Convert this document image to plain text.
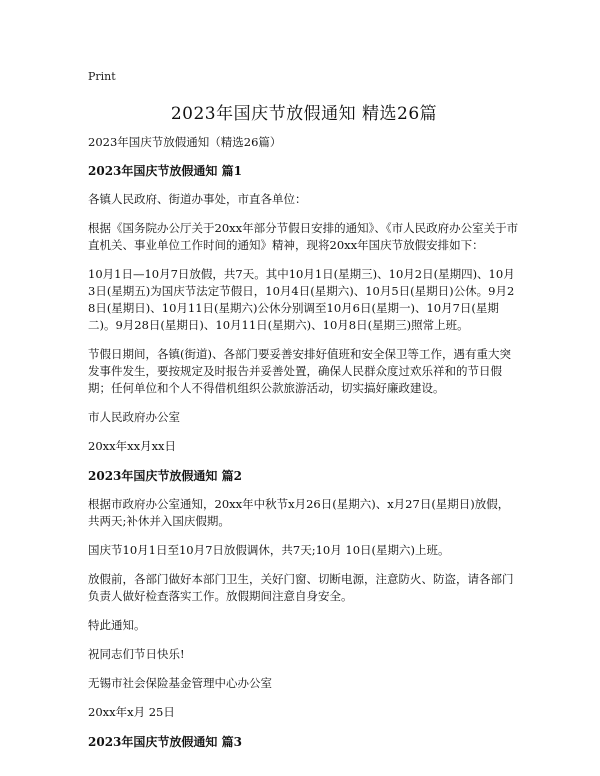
Print
2023年国庆节放假通知 精选26篇
2023年国庆节放假通知（精选26篇）
2023年国庆节放假通知 篇1
各镇人民政府、街道办事处，市直各单位：
根据《国务院办公厅关于20xx年部分节假日安排的通知》、《市人民政府办公室关于市直机关、事业单位工作时间的通知》精神，现将20xx年国庆节放假安排如下：
10月1日—10月7日放假，共7天。其中10月1日(星期三)、10月2日(星期四)、10月3日(星期五)为国庆节法定节假日，10月4日(星期六)、10月5日(星期日)公休。9月28日(星期日)、10月11日(星期六)公休分别调至10月6日(星期一)、10月7日(星期二)。9月28日(星期日)、10月11日(星期六)、10月8日(星期三)照常上班。
节假日期间，各镇(街道)、各部门要妥善安排好值班和安全保卫等工作，遇有重大突发事件发生，要按规定及时报告并妥善处置，确保人民群众度过欢乐祥和的节日假期；任何单位和个人不得借机组织公款旅游活动，切实搞好廉政建设。
市人民政府办公室
20xx年xx月xx日
2023年国庆节放假通知 篇2
根据市政府办公室通知，20xx年中秋节x月26日(星期六)、x月27日(星期日)放假，共两天;补休并入国庆假期。
国庆节10月1日至10月7日放假调休，共7天;10月 10日(星期六)上班。
放假前，各部门做好本部门卫生，关好门窗、切断电源，注意防火、防盗，请各部门负责人做好检查落实工作。放假期间注意自身安全。
特此通知。
祝同志们节日快乐!
无锡市社会保险基金管理中心办公室
20xx年x月 25日
2023年国庆节放假通知 篇3
